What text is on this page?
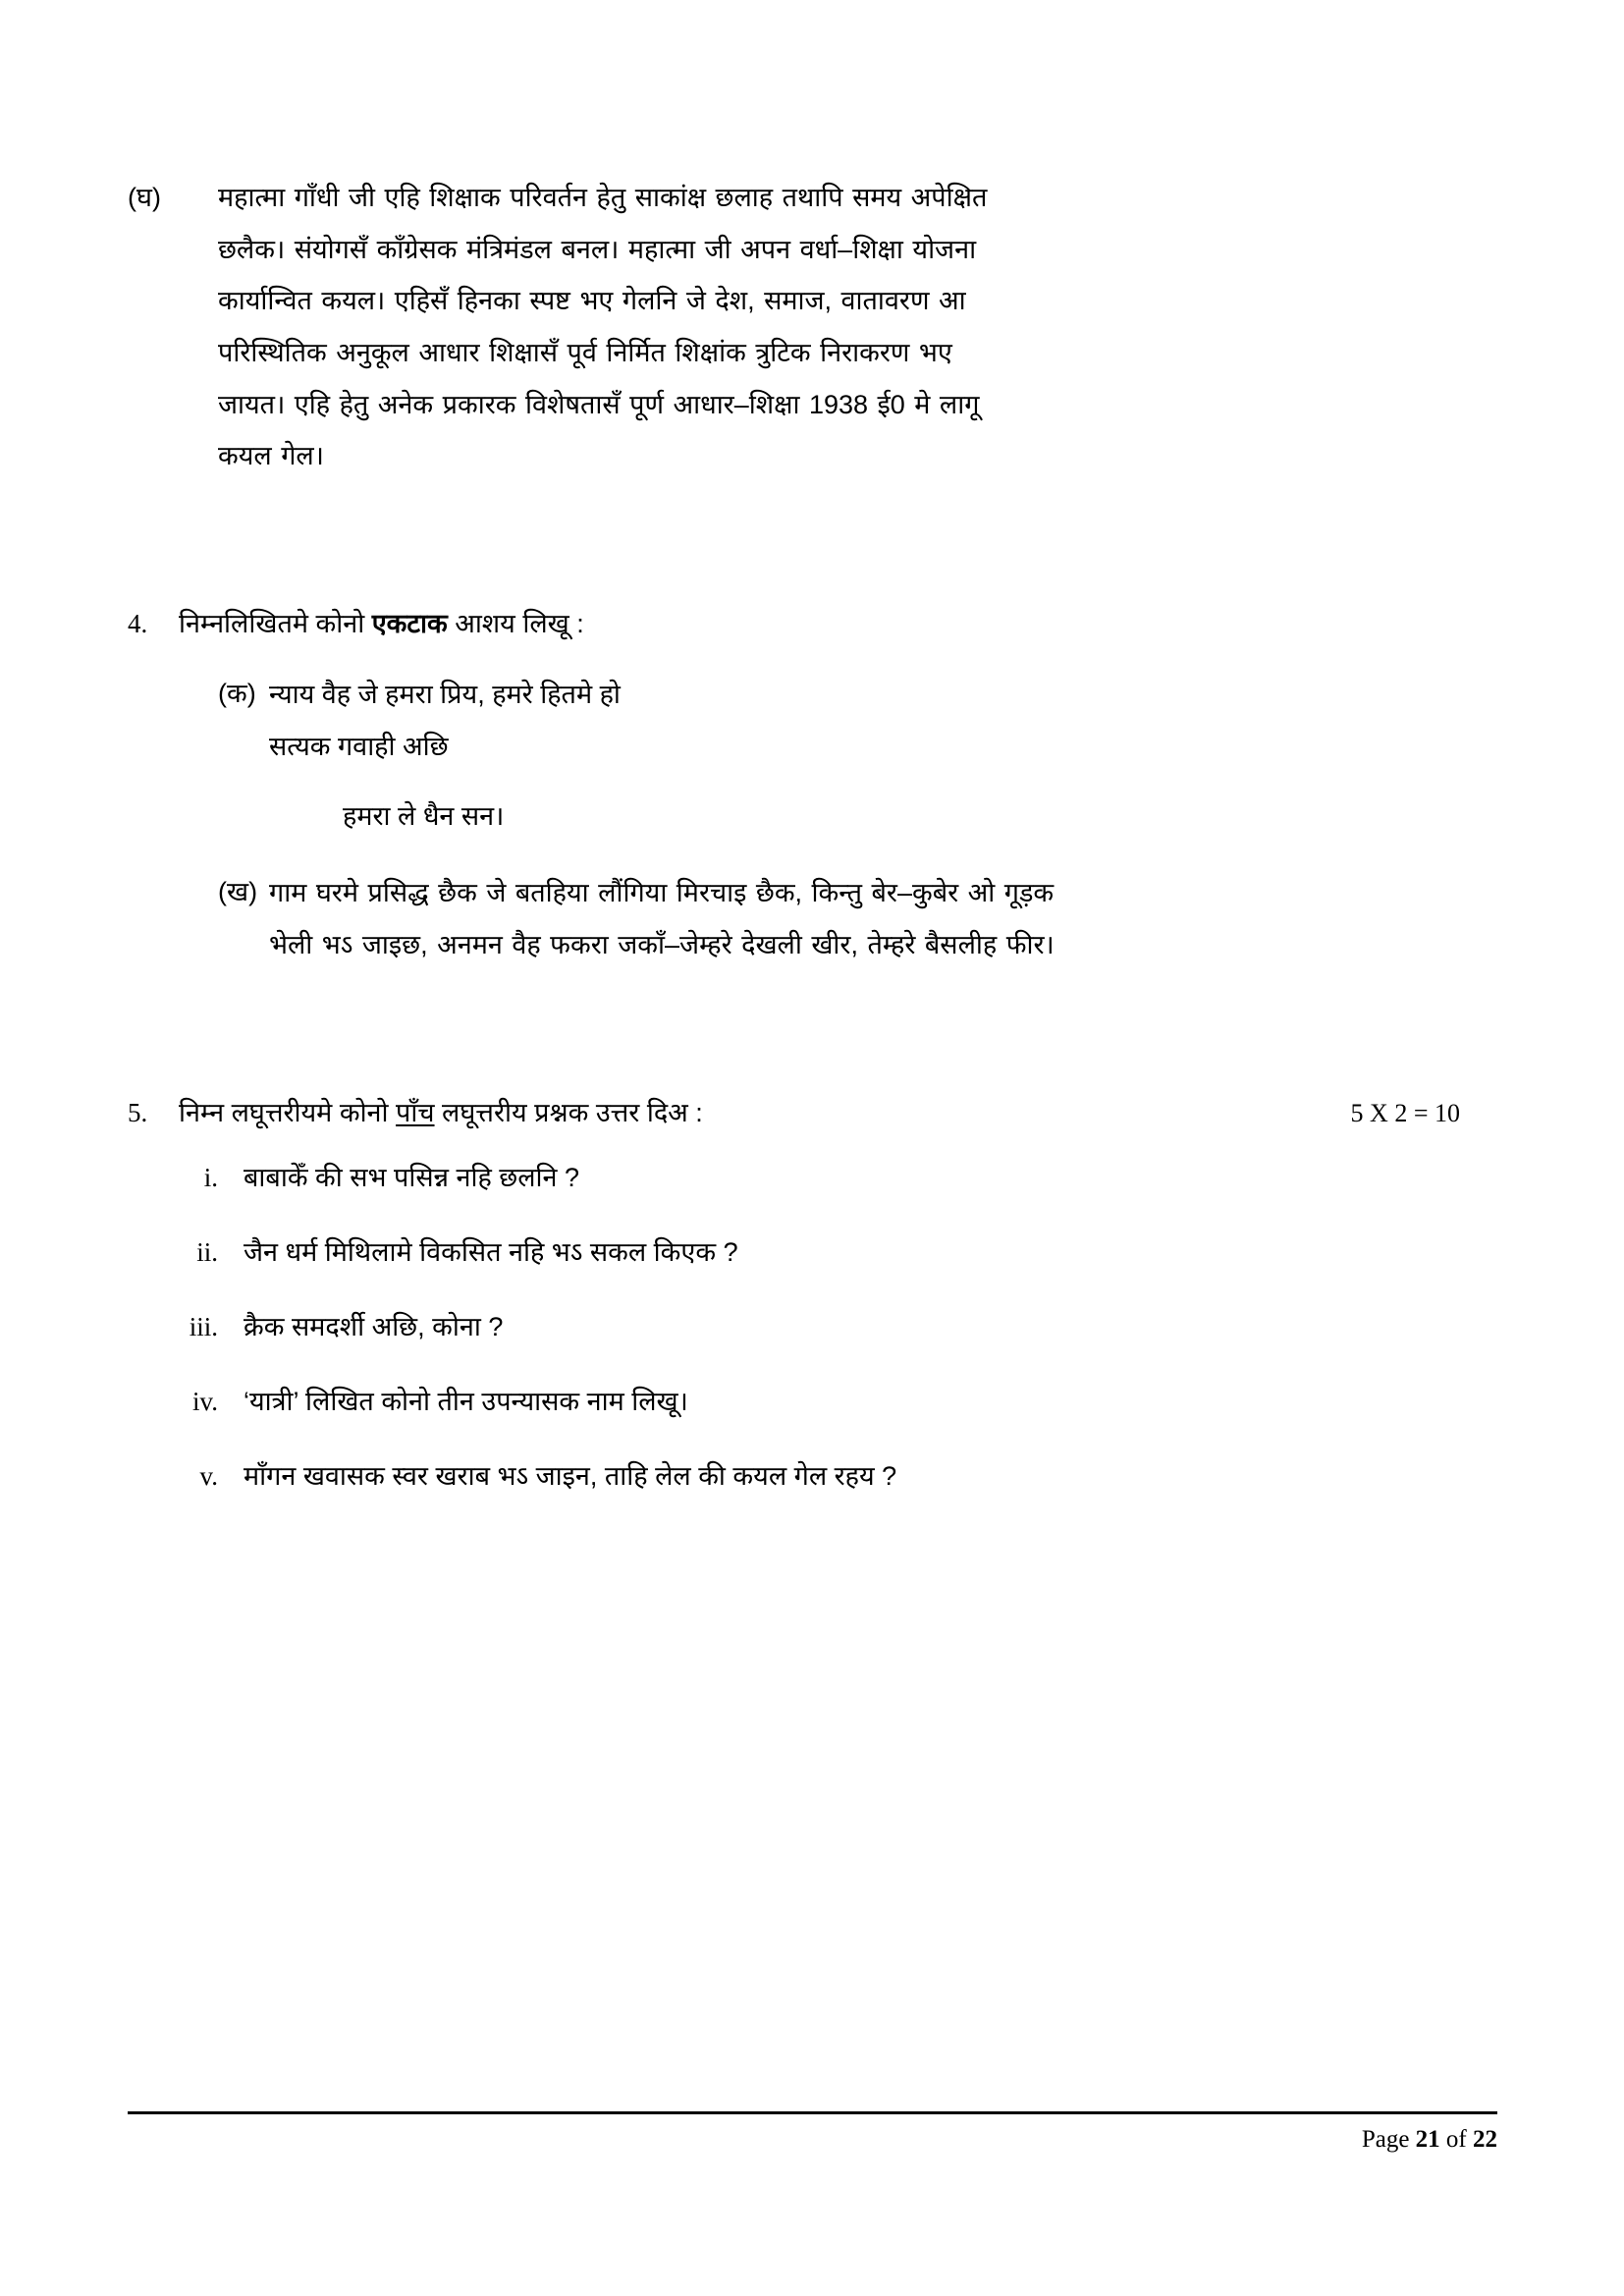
(घ)	महात्मा गाँधी जी एहि शिक्षाक परिवर्तन हेतु साकांक्ष छलाह तथापि समय अपेक्षित
छलैक। संयोगसँ काॅंग्रेसक मंत्रिमंडल बनल। महात्मा जी अपन वर्धा–शिक्षा योजना
कार्यान्वित कयल। एहिसँ हिनका स्पष्ट भए गेलनि जे देश, समाज, वातावरण आ
परिस्थितिक अनुकूल आधार शिक्षासँ पूर्व निर्मित शिक्षांक त्रुटिक निराकरण भए
जायत। एहि हेतु अनेक प्रकारक विशेषतासँ पूर्ण आधार–शिक्षा 1938 ई0 मे लागू
कयल गेल।
4.	निम्नलिखितमे कोनो एकटाक आशय लिखू :
(क) न्याय वैह जे हमरा प्रिय, हमरे हितमे हो
सत्यक गवाही अछि
हमरा ले धैन सन।
(ख) गाम घरमे प्रसिद्ध छैक जे बतहिया लौंगिया मिरचाइ छैक, किन्तु बेर–कुबेर ओ गूड़क
भेली भऽ जाइछ, अनमन वैह फकरा जकाँ–जेम्हरे देखली खीर, तेम्हरे बैसलीह फीर।
5.	निम्न लघूत्तरीयमे कोनो पाँच लघूत्तरीय प्रश्नक उत्तर दिअ :	5 X 2 = 10
i. बाबाकेँ की सभ पसिन्न नहि छलनि ?
ii. जैन धर्म मिथिलामे विकसित नहि भऽ सकल किएक ?
iii. क्रैक समदर्शी अछि, कोना ?
iv. ‘यात्री’ लिखित कोनो तीन उपन्यासक नाम लिखू।
v. माॅंगन खवासक स्वर खराब भऽ जाइन, ताहि लेल की कयल गेल रहय ?
Page 21 of 22
